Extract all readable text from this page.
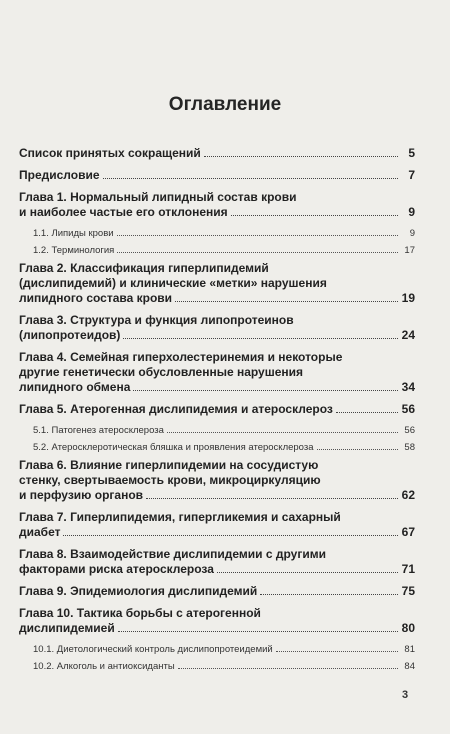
Оглавление
Список принятых сокращений	5
Предисловие	7
Глава 1. Нормальный липидный состав крови
и наиболее частые его отклонения	9
1.1. Липиды крови	9
1.2. Терминология	17
Глава 2. Классификация гиперлипидемий
(дислипидемий) и клинические «метки» нарушения
липидного состава крови	19
Глава 3. Структура и функция липопротеинов
(липопротеидов)	24
Глава 4. Семейная гиперхолестеринемия и некоторые
другие генетически обусловленные нарушения
липидного обмена	34
Глава 5. Атерогенная дислипидемия и атеросклероз	56
5.1. Патогенез атеросклероза	56
5.2. Атеросклеротическая бляшка и проявления атеросклероза	58
Глава 6. Влияние гиперлипидемии на сосудистую
стенку, свертываемость крови, микроциркуляцию
и перфузию органов	62
Глава 7. Гиперлипидемия, гипергликемия и сахарный
диабет	67
Глава 8. Взаимодействие дислипидемии с другими
факторами риска атеросклероза	71
Глава 9. Эпидемиология дислипидемий	75
Глава 10. Тактика борьбы с атерогенной
дислипидемией	80
10.1. Диетологический контроль дислипопротеидемий	81
10.2. Алкоголь и антиоксиданты	84
3
